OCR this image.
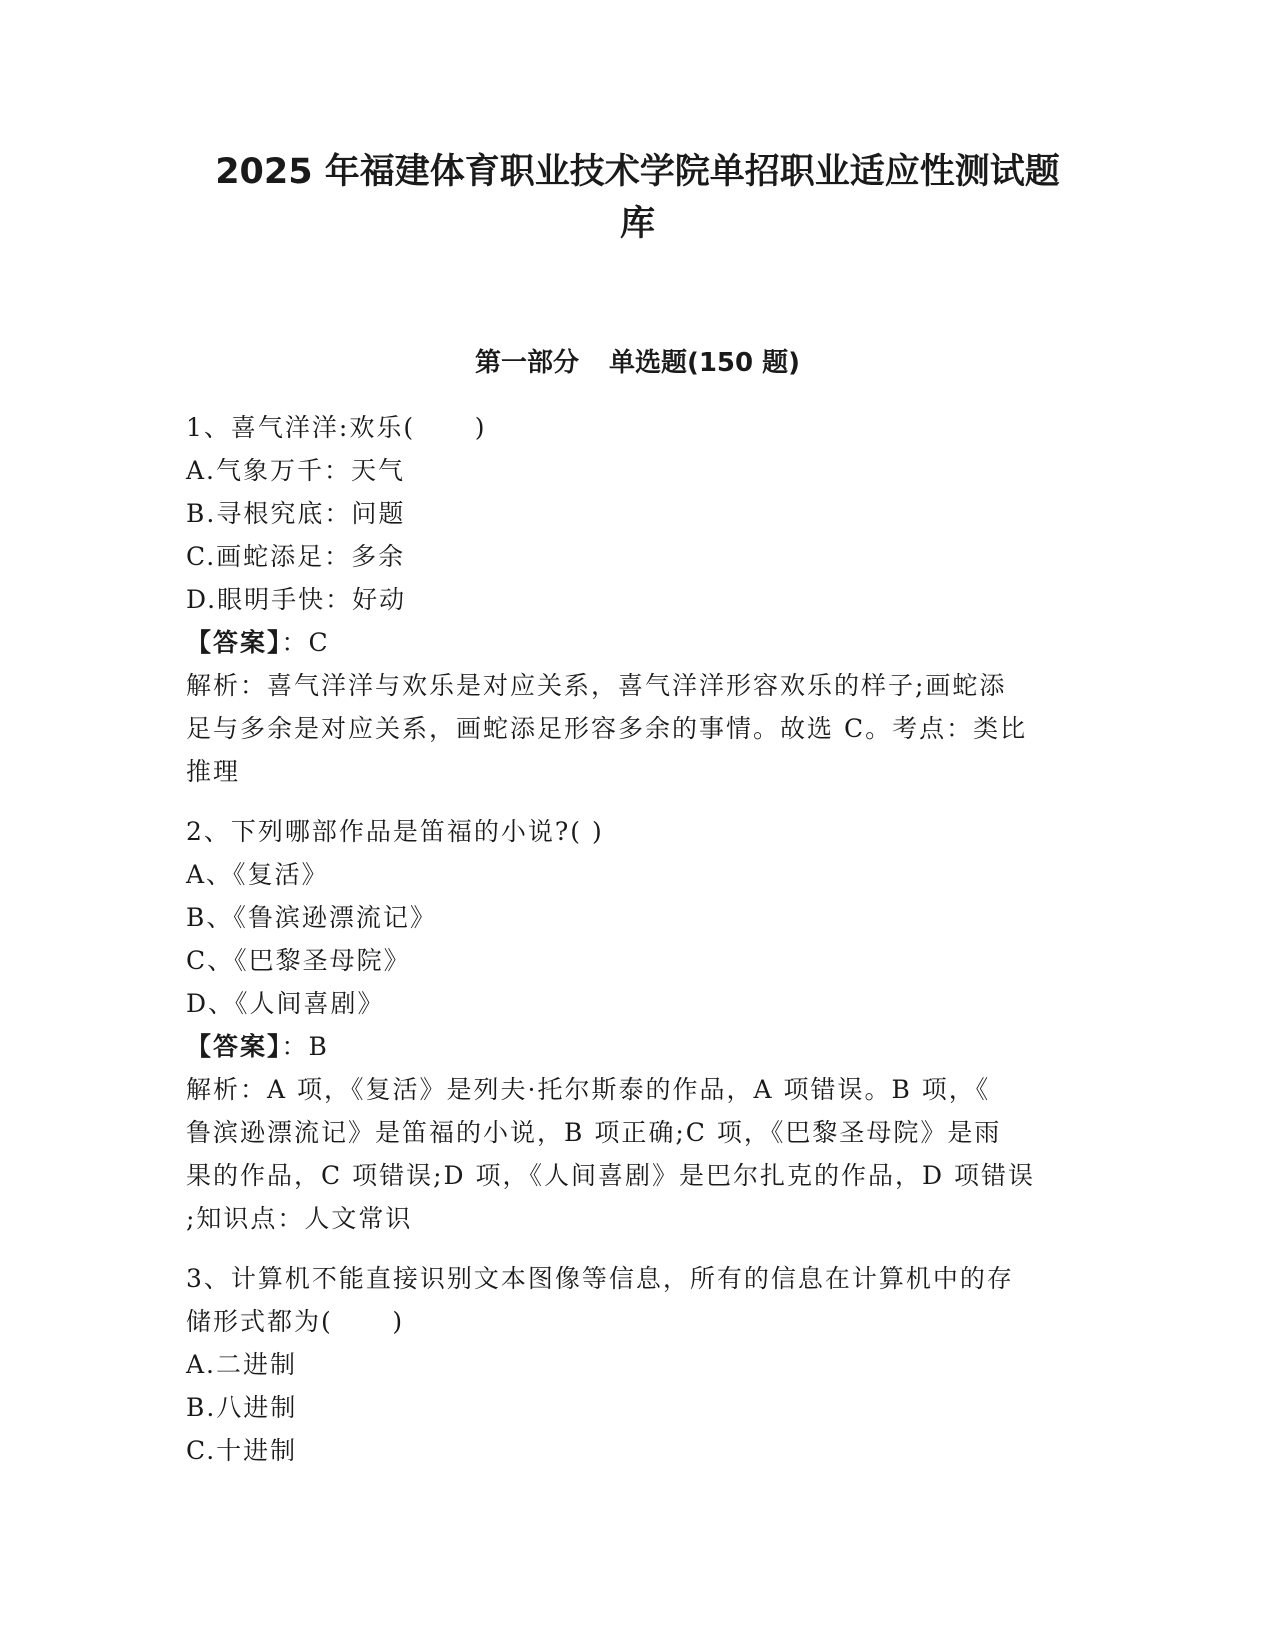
2025 年福建体育职业技术学院单招职业适应性测试题
库
第一部分 单选题(150 题)
1、喜气洋洋:欢乐(      )
A.气象万千：天气
B.寻根究底：问题
C.画蛇添足：多余
D.眼明手快：好动
【答案】：C
解析：喜气洋洋与欢乐是对应关系，喜气洋洋形容欢乐的样子;画蛇添
足与多余是对应关系，画蛇添足形容多余的事情。故选 C。考点：类比
推理
2、下列哪部作品是笛福的小说?( )
A、《复活》
B、《鲁滨逊漂流记》
C、《巴黎圣母院》
D、《人间喜剧》
【答案】：B
解析：A 项，《复活》是列夫·托尔斯泰的作品，A 项错误。B 项，《
鲁滨逊漂流记》是笛福的小说，B 项正确;C 项，《巴黎圣母院》是雨
果的作品，C 项错误;D 项，《人间喜剧》是巴尔扎克的作品，D 项错误
;知识点：人文常识
3、计算机不能直接识别文本图像等信息，所有的信息在计算机中的存
储形式都为(      )
A.二进制
B.八进制
C.十进制
